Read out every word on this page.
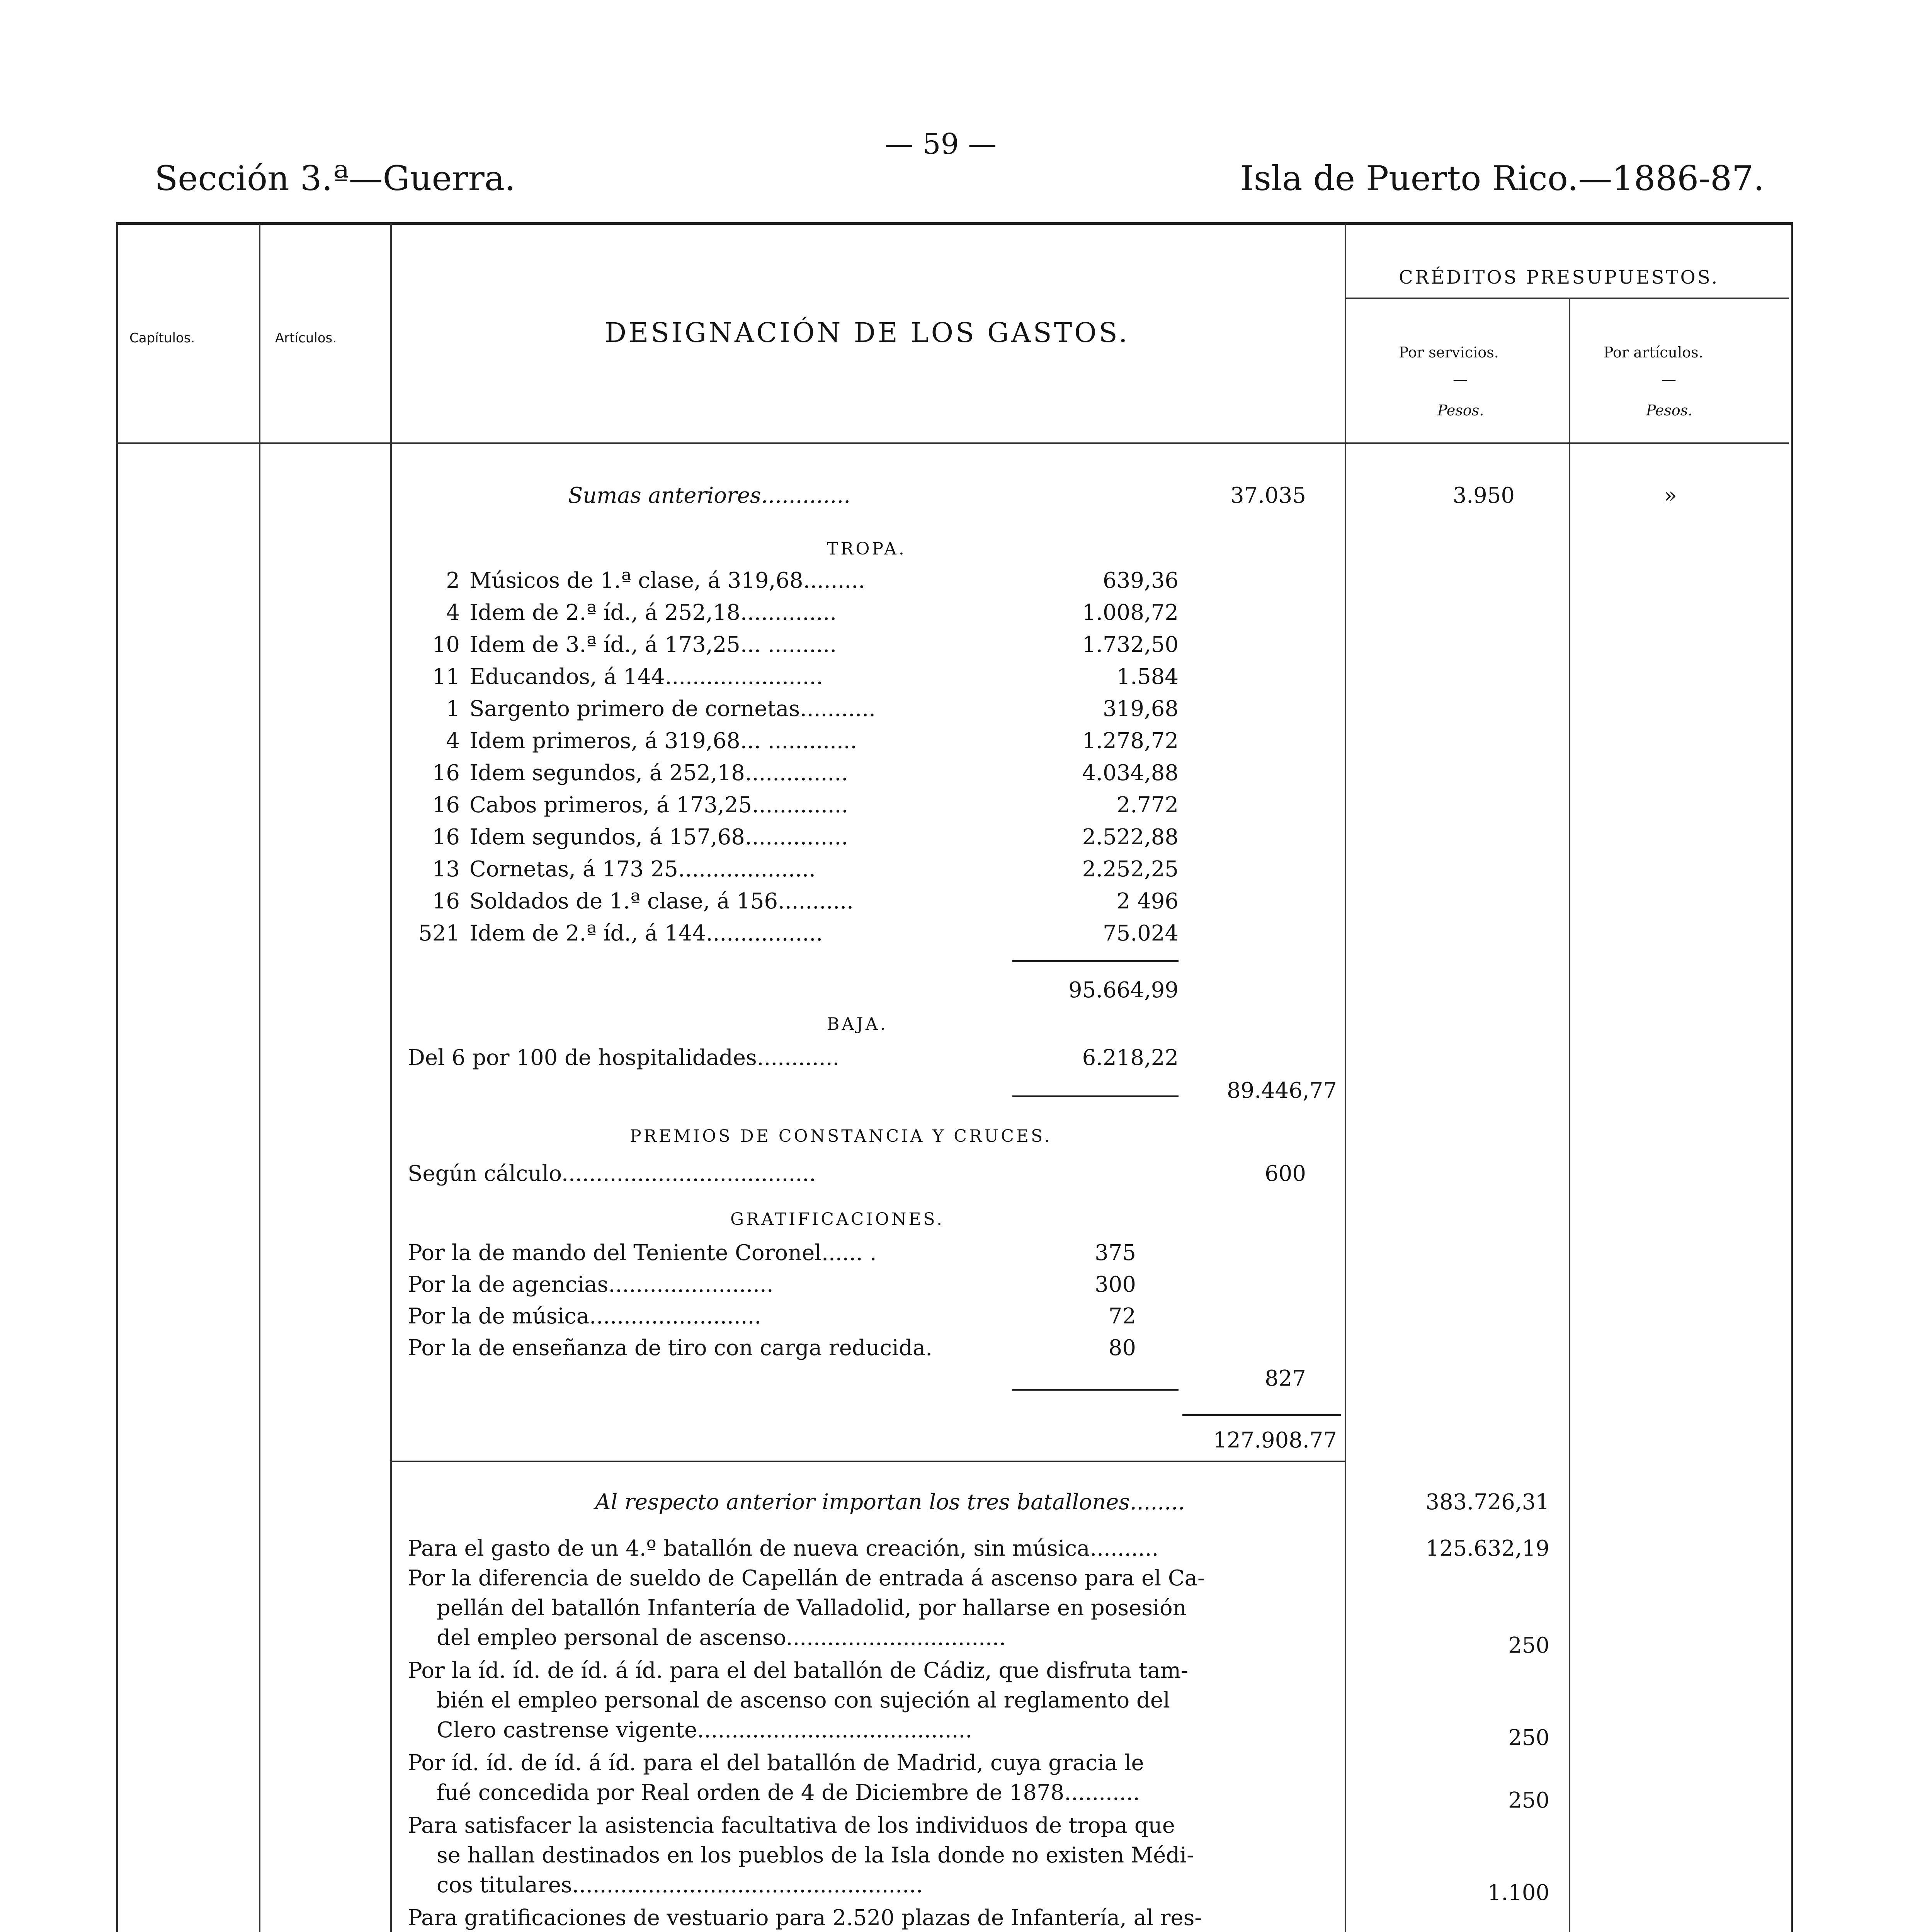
Sección 3.ª—Guerra.
— 59 —
Isla de Puerto Rico.—1886-87.
Capítulos.	Artículos.	DESIGNACIÓN DE LOS GASTOS.
CRÉDITOS PRESUPUESTOS.
Por servicios.	Por artículos.
—	—
Pesos.	Pesos.
Sumas anteriores.............	37.035	3.950	»
TROPA.
2 Músicos de 1.ª clase, á 319,68.........	639,36
4 Idem de 2.ª íd., á 252,18..............	1.008,72
10 Idem de 3.ª íd., á 173,25... ..........	1.732,50
11 Educandos, á 144.......................	1.584
1 Sargento primero de cornetas...........	319,68
4 Idem primeros, á 319,68... .............	1.278,72
16 Idem segundos, á 252,18...............	4.034,88
16 Cabos primeros, á 173,25..............	2.772
16 Idem segundos, á 157,68...............	2.522,88
13 Cornetas, á 173 25....................	2.252,25
16 Soldados de 1.ª clase, á 156...........	2 496
521 Idem de 2.ª íd., á 144.................	75.024
95.664,99
BAJA.
Del 6 por 100 de hospitalidades............	6.218,22
89.446,77
PREMIOS DE CONSTANCIA Y CRUCES.
Según cálculo.....................................	600
GRATIFICACIONES.
Por la de mando del Teniente Coronel...... .	375
Por la de agencias........................	300
Por la de música.........................	72
Por la de enseñanza de tiro con carga reducida.	80
827
127.908.77
Al respecto anterior importan los tres batallones........	383.726,31
Para el gasto de un 4.º batallón de nueva creación, sin música..........	125.632,19
Por la diferencia de sueldo de Capellán de entrada á ascenso para el Ca-
pellán del batallón Infantería de Valladolid, por hallarse en posesión
del empleo personal de ascenso................................	250
Por la íd. íd. de íd. á íd. para el del batallón de Cádiz, que disfruta tam-
bién el empleo personal de ascenso con sujeción al reglamento del
Clero castrense vigente........................................	250
Por íd. íd. de íd. á íd. para el del batallón de Madrid, cuya gracia le
fué concedida por Real orden de 4 de Diciembre de 1878...........	250
Para satisfacer la asistencia facultativa de los individuos de tropa que
se hallan destinados en los pueblos de la Isla donde no existen Médi-
cos titulares...................................................	1.100
Para gratificaciones de vestuario para 2.520 plazas de Infantería, al res-
